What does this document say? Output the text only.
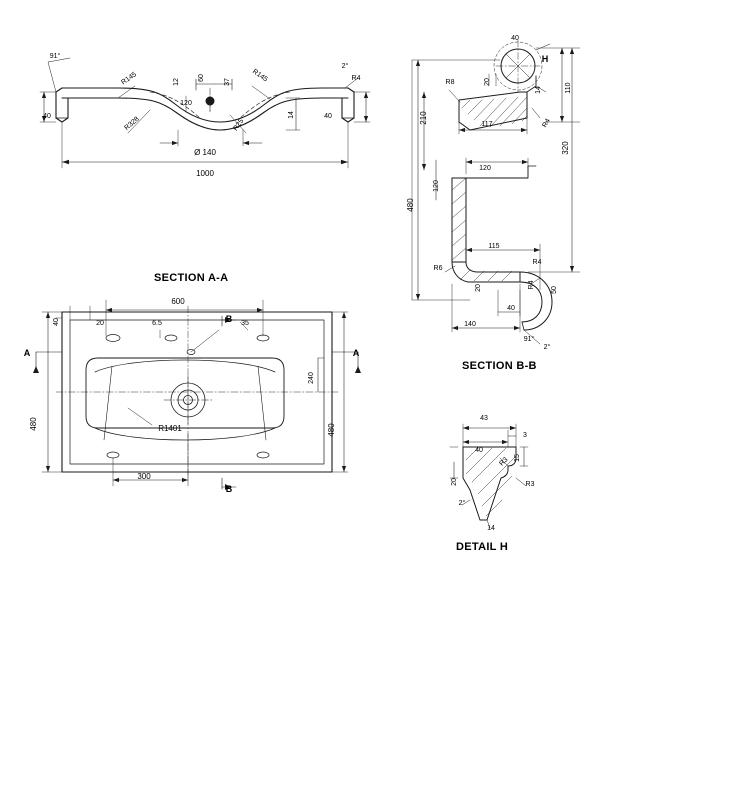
91°
40
R145
R328
60
12
120
37
R25
R145
14	40
R4
2°
Ø 140
1000
40
H
20
110
R8
14
210	117	R4
320
120
120
480
115
R6
R4
20	R4
50
40
140
91°
2°
40	20
600
6.5	35
B
A	A
480	480
240
R1401
300
B
43
40
3
15
20	R3
R3
2°
14
SECTION A-A
SECTION B-B
DETAIL H
